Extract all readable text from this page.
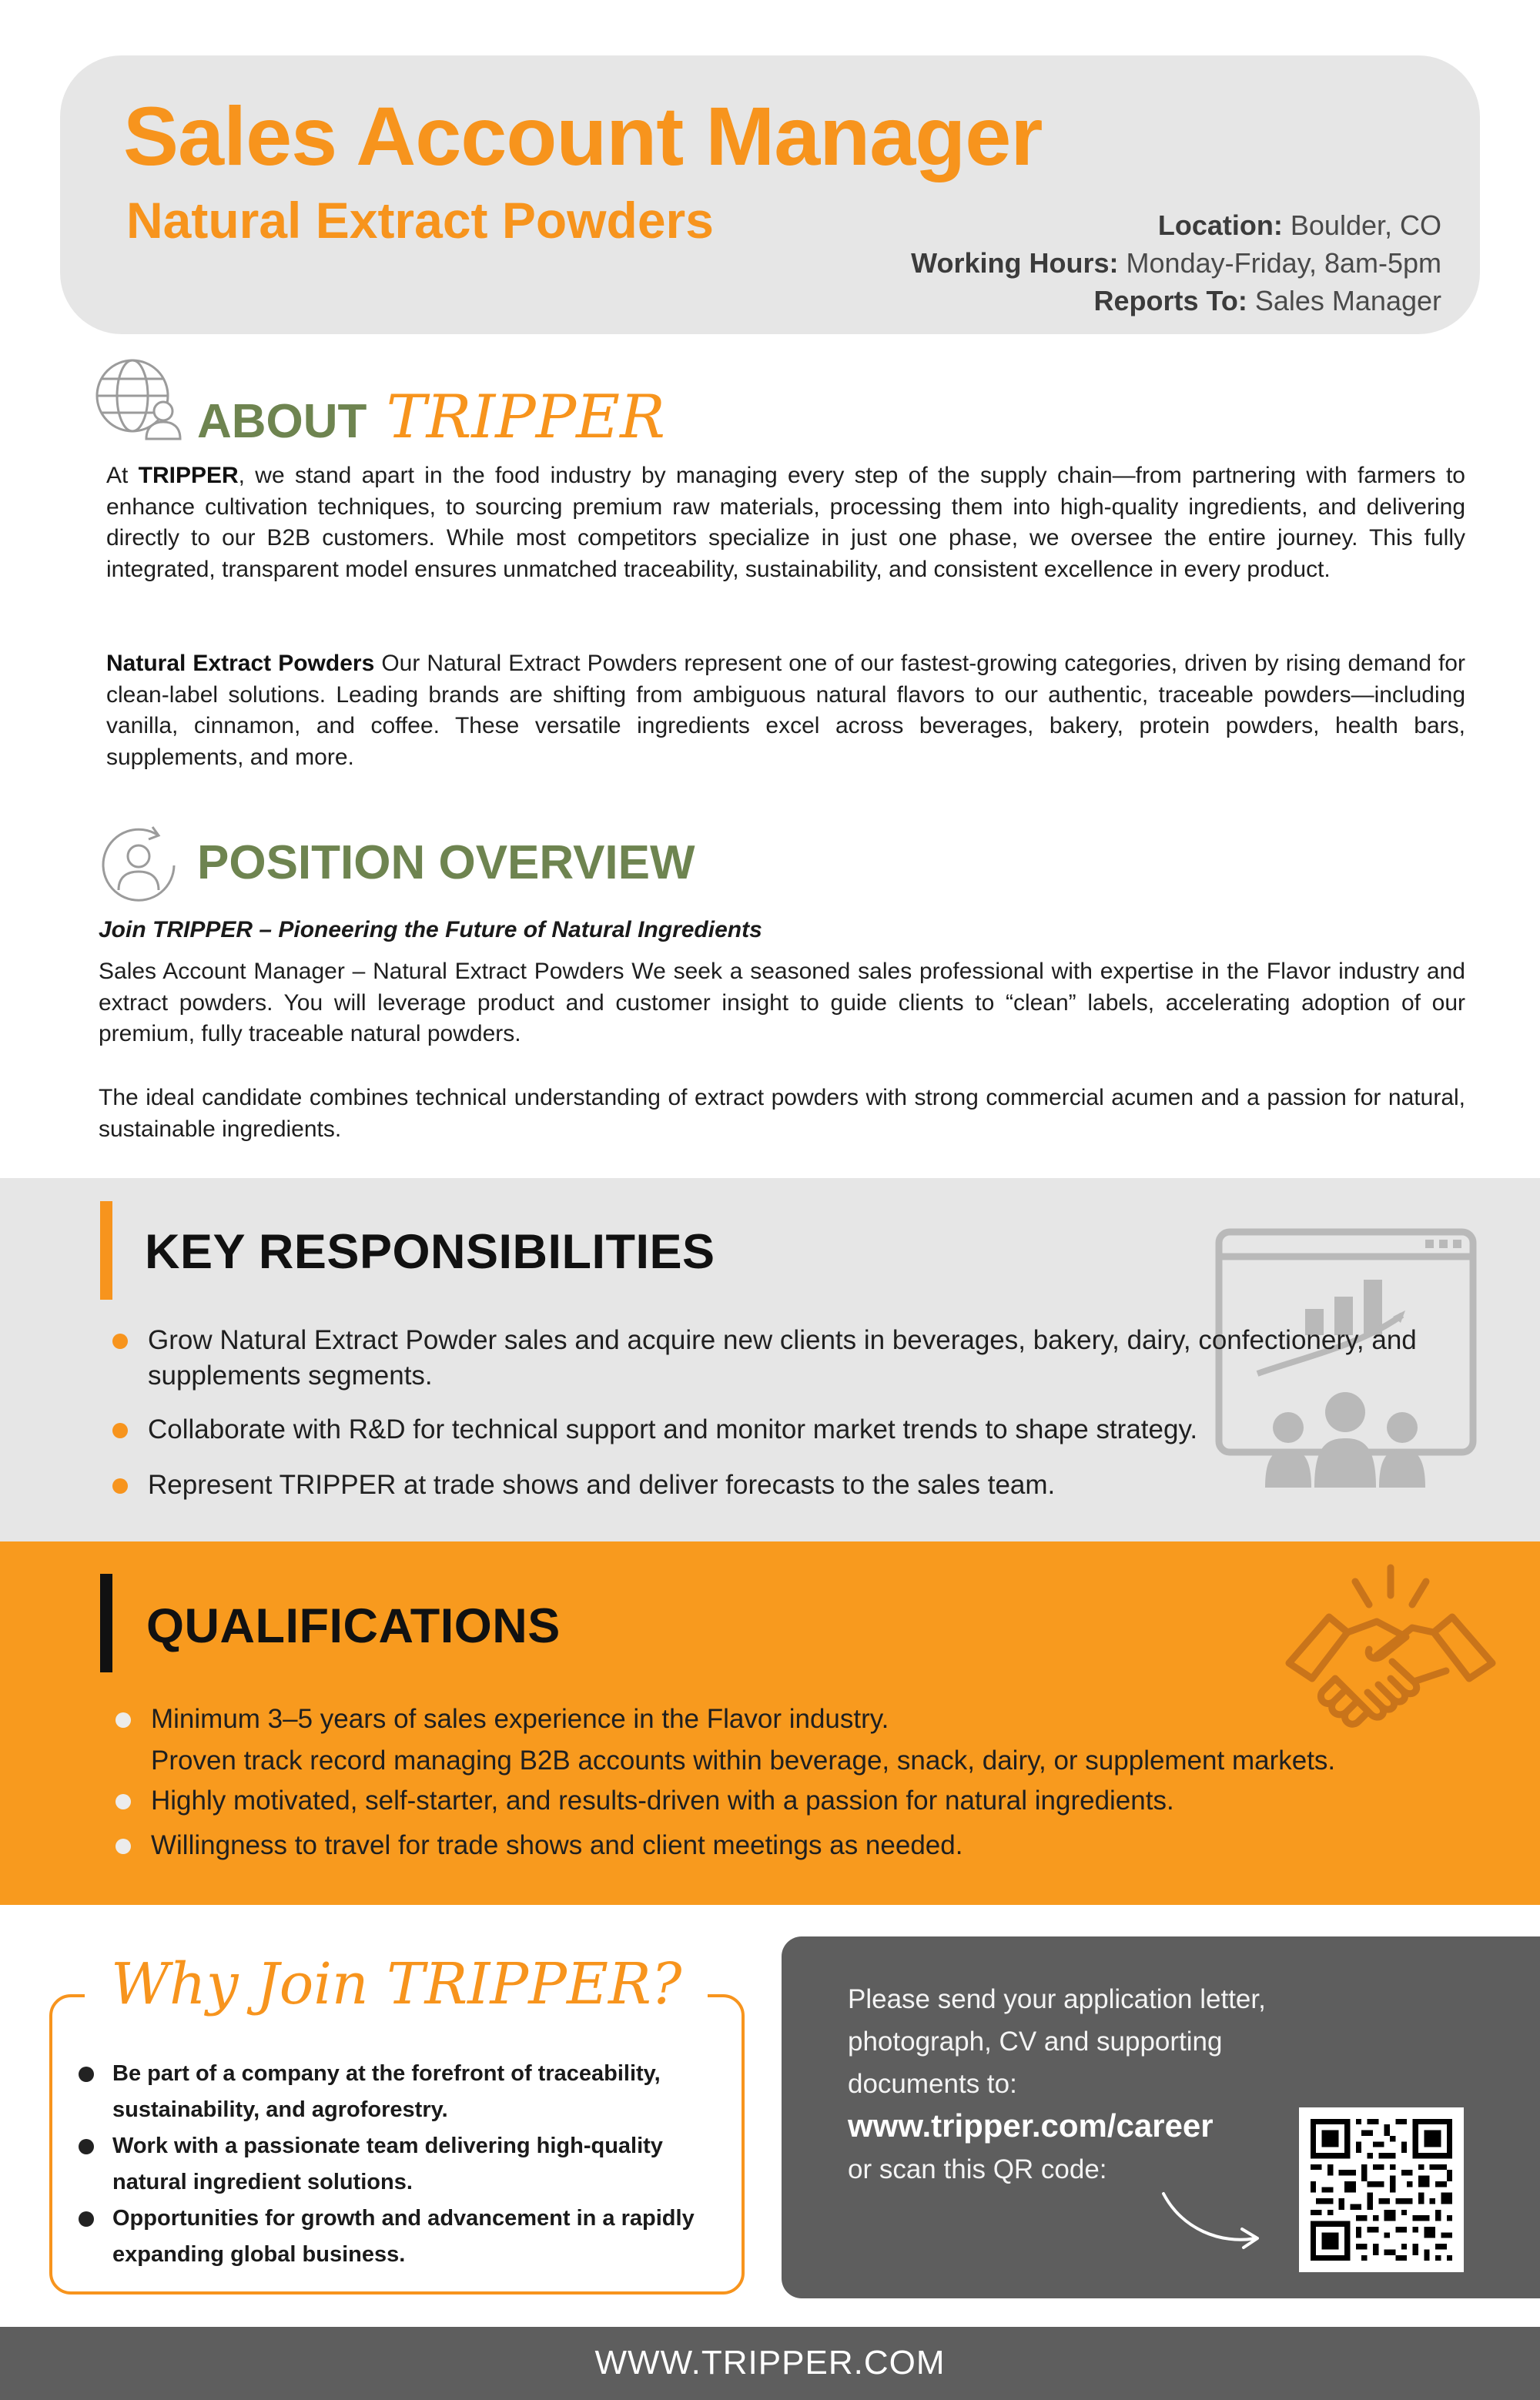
Sales Account Manager
Natural Extract Powders	Location: Boulder, CO
Working Hours: Monday-Friday, 8am-5pm
Reports To: Sales Manager
ABOUT TRIPPER
At TRIPPER, we stand apart in the food industry by managing every step of the supply chain—from partnering with farmers to enhance cultivation techniques, to sourcing premium raw materials, processing them into high-quality ingredients, and delivering directly to our B2B customers. While most competitors specialize in just one phase, we oversee the entire journey. This fully integrated, transparent model ensures unmatched traceability, sustainability, and consistent excellence in every product.
Natural Extract Powders Our Natural Extract Powders represent one of our fastest-growing categories, driven by rising demand for clean-label solutions. Leading brands are shifting from ambiguous natural flavors to our authentic, traceable powders—including vanilla, cinnamon, and coffee. These versatile ingredients excel across beverages, bakery, protein powders, health bars, supplements, and more.
POSITION OVERVIEW
Join TRIPPER – Pioneering the Future of Natural Ingredients
Sales Account Manager – Natural Extract Powders We seek a seasoned sales professional with expertise in the Flavor industry and extract powders. You will leverage product and customer insight to guide clients to “clean” labels, accelerating adoption of our premium, fully traceable natural powders.
The ideal candidate combines technical understanding of extract powders with strong commercial acumen and a passion for natural, sustainable ingredients.
KEY RESPONSIBILITIES
Grow Natural Extract Powder sales and acquire new clients in beverages, bakery, dairy, confectionery, and supplements segments.
Collaborate with R&D for technical support and monitor market trends to shape strategy.
Represent TRIPPER at trade shows and deliver forecasts to the sales team.
QUALIFICATIONS
Minimum 3–5 years of sales experience in the Flavor industry.
Proven track record managing B2B accounts within beverage, snack, dairy, or supplement markets.
Highly motivated, self-starter, and results-driven with a passion for natural ingredients.
Willingness to travel for trade shows and client meetings as needed.
Why Join TRIPPER?
Be part of a company at the forefront of traceability, sustainability, and agroforestry.
Work with a passionate team delivering high-quality natural ingredient solutions.
Opportunities for growth and advancement in a rapidly expanding global business.
Please send your application letter, photograph, CV and supporting documents to:
www.tripper.com/career
or scan this QR code:
WWW.TRIPPER.COM
